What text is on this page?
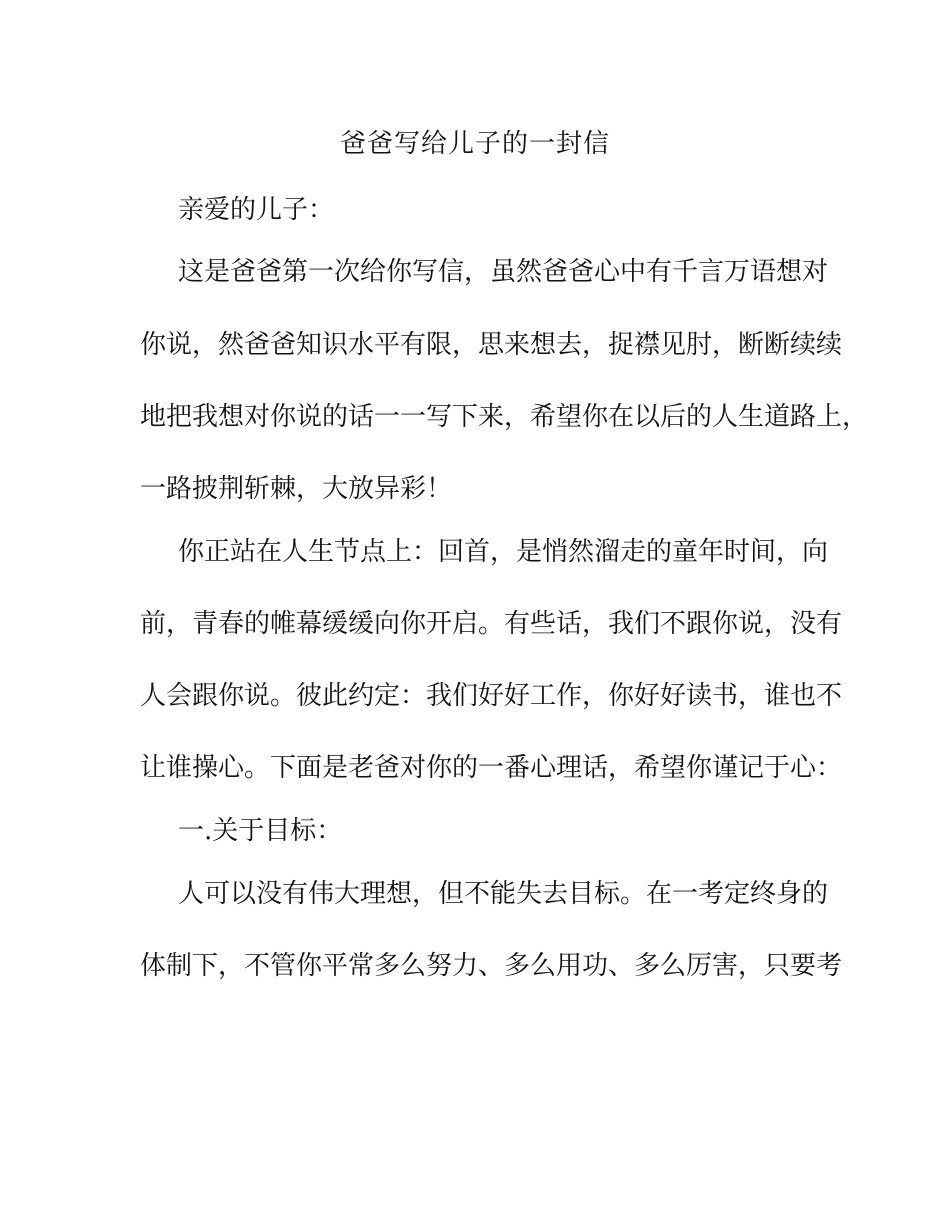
爸爸写给儿子的一封信

亲爱的儿子：

这是爸爸第一次给你写信，虽然爸爸心中有千言万语想对

你说，然爸爸知识水平有限，思来想去，捉襟见肘，断断续续

地把我想对你说的话一一写下来，希望你在以后的人生道路上，

一路披荆斩棘，大放异彩！

你正站在人生节点上：回首，是悄然溜走的童年时间，向

前，青春的帷幕缓缓向你开启。有些话，我们不跟你说，没有

人会跟你说。彼此约定：我们好好工作，你好好读书，谁也不

让谁操心。下面是老爸对你的一番心理话，希望你谨记于心：

一.关于目标：

人可以没有伟大理想，但不能失去目标。在一考定终身的

体制下，不管你平常多么努力、多么用功、多么厉害，只要考
